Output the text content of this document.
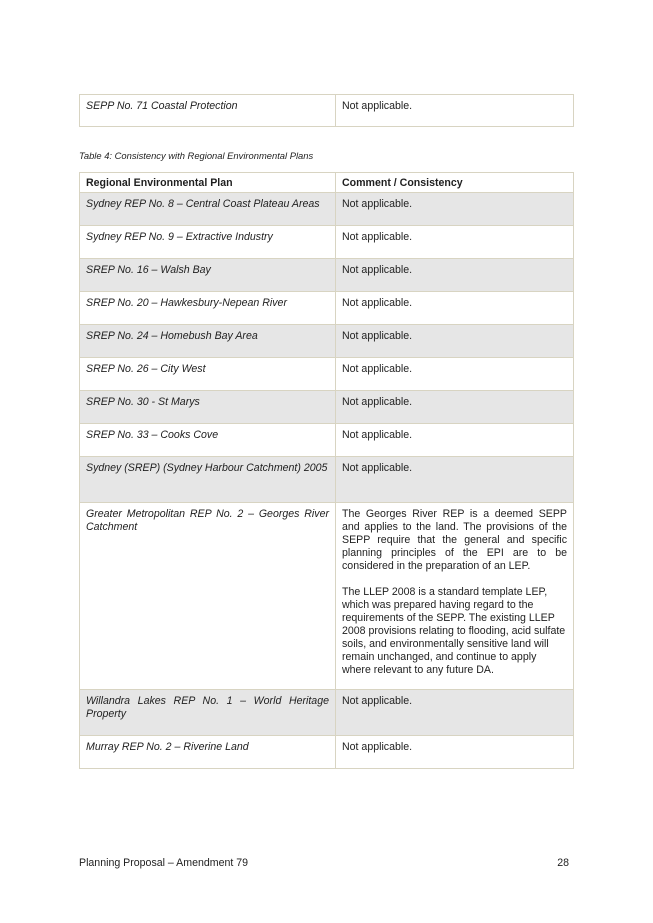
SEPP No. 71 Coastal Protection	Not applicable.
Table 4: Consistency with Regional Environmental Plans
Regional Environmental Plan	Comment / Consistency
Sydney REP No. 8 – Central Coast Plateau Areas	Not applicable.
Sydney REP No. 9 – Extractive Industry	Not applicable.
SREP No. 16 – Walsh Bay	Not applicable.
SREP No. 20 – Hawkesbury-Nepean River	Not applicable.
SREP No. 24 – Homebush Bay Area	Not applicable.
SREP No. 26 – City West	Not applicable.
SREP No. 30 - St Marys	Not applicable.
SREP No. 33 – Cooks Cove	Not applicable.
Sydney (SREP) (Sydney Harbour Catchment) 2005	Not applicable.
Greater Metropolitan REP No. 2 – Georges River Catchment	The Georges River REP is a deemed SEPP and applies to the land. The provisions of the SEPP require that the general and specific planning principles of the EPI are to be considered in the preparation of an LEP.
The LLEP 2008 is a standard template LEP, which was prepared having regard to the requirements of the SEPP. The existing LLEP 2008 provisions relating to flooding, acid sulfate soils, and environmentally sensitive land will remain unchanged, and continue to apply where relevant to any future DA.

Willandra Lakes REP No. 1 – World Heritage Property	Not applicable.
Murray REP No. 2 – Riverine Land	Not applicable.
Planning Proposal – Amendment 79	28
